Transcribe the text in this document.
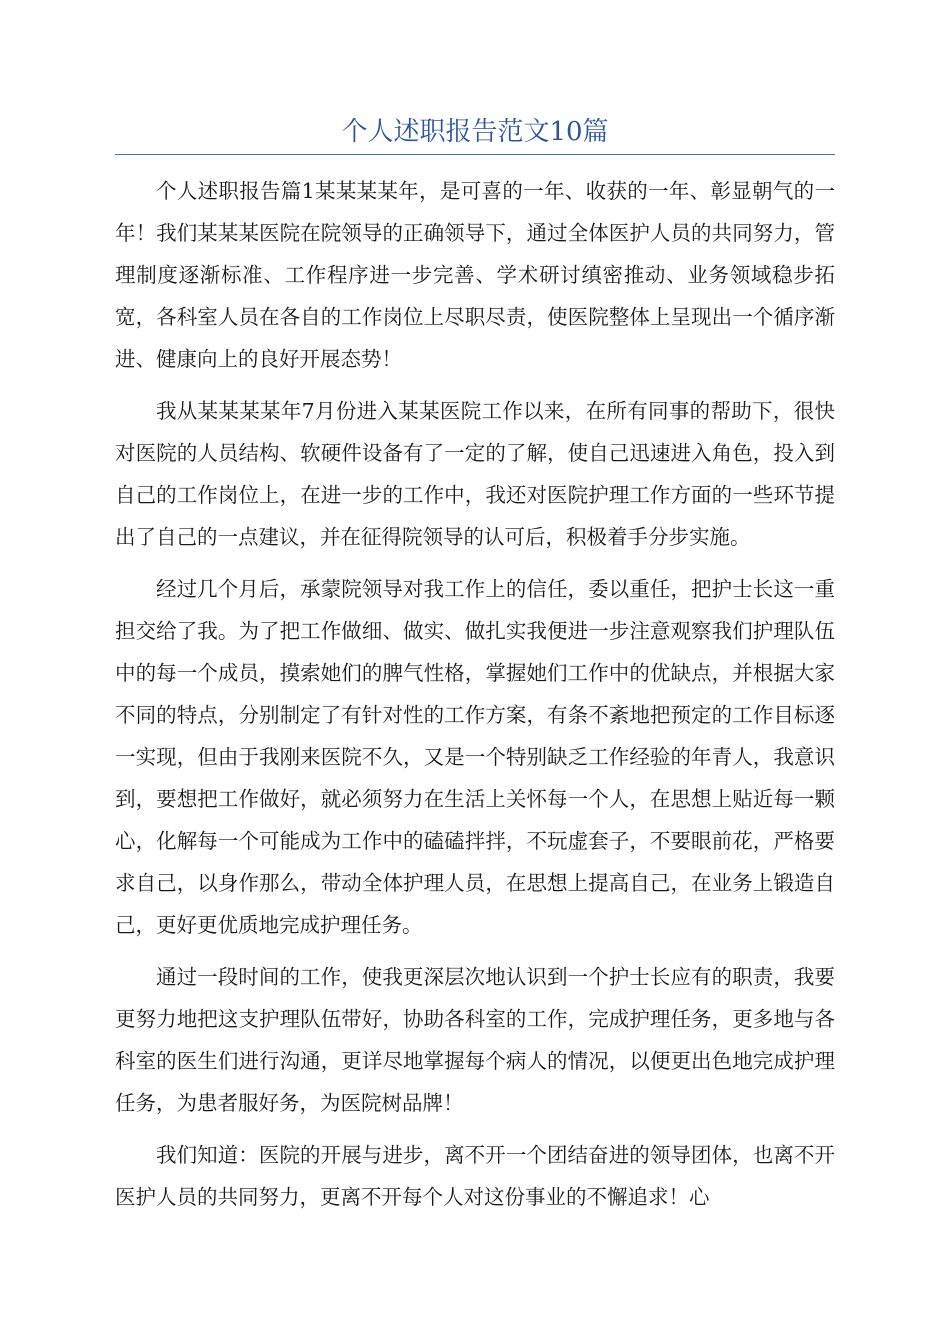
个人述职报告范文10篇

个人述职报告篇1某某某某年，是可喜的一年、收获的一年、彰显朝气的一年！我们某某某医院在院领导的正确领导下，通过全体医护人员的共同努力，管理制度逐渐标准、工作程序进一步完善、学术研讨缜密推动、业务领域稳步拓宽，各科室人员在各自的工作岗位上尽职尽责，使医院整体上呈现出一个循序渐进、健康向上的良好开展态势！

我从某某某某年7月份进入某某医院工作以来，在所有同事的帮助下，很快对医院的人员结构、软硬件设备有了一定的了解，使自己迅速进入角色，投入到自己的工作岗位上，在进一步的工作中，我还对医院护理工作方面的一些环节提出了自己的一点建议，并在征得院领导的认可后，积极着手分步实施。

经过几个月后，承蒙院领导对我工作上的信任，委以重任，把护士长这一重担交给了我。为了把工作做细、做实、做扎实我便进一步注意观察我们护理队伍中的每一个成员，摸索她们的脾气性格，掌握她们工作中的优缺点，并根据大家不同的特点，分别制定了有针对性的工作方案，有条不紊地把预定的工作目标逐一实现，但由于我刚来医院不久，又是一个特别缺乏工作经验的年青人，我意识到，要想把工作做好，就必须努力在生活上关怀每一个人，在思想上贴近每一颗心，化解每一个可能成为工作中的磕磕拌拌，不玩虚套子，不要眼前花，严格要求自己，以身作那么，带动全体护理人员，在思想上提高自己，在业务上锻造自己，更好更优质地完成护理任务。

通过一段时间的工作，使我更深层次地认识到一个护士长应有的职责，我要更努力地把这支护理队伍带好，协助各科室的工作，完成护理任务，更多地与各科室的医生们进行沟通，更详尽地掌握每个病人的情况，以便更出色地完成护理任务，为患者服好务，为医院树品牌！

我们知道：医院的开展与进步，离不开一个团结奋进的领导团体，也离不开医护人员的共同努力，更离不开每个人对这份事业的不懈追求！心
